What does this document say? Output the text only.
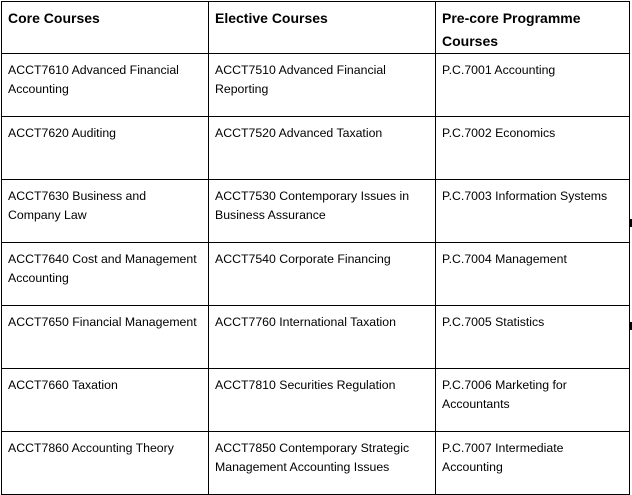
Core Courses	Elective Courses	Pre-core Programme Courses
ACCT7610 Advanced Financial Accounting	ACCT7510 Advanced Financial Reporting	P.C.7001 Accounting
ACCT7620 Auditing	ACCT7520 Advanced Taxation	P.C.7002 Economics
ACCT7630 Business and Company Law	ACCT7530 Contemporary Issues in Business Assurance	P.C.7003 Information Systems
ACCT7640 Cost and Management Accounting	ACCT7540 Corporate Financing	P.C.7004 Management
ACCT7650 Financial Management	ACCT7760 International Taxation	P.C.7005 Statistics
ACCT7660 Taxation	ACCT7810 Securities Regulation	P.C.7006 Marketing for Accountants
ACCT7860 Accounting Theory	ACCT7850 Contemporary Strategic Management Accounting Issues	P.C.7007 Intermediate Accounting
